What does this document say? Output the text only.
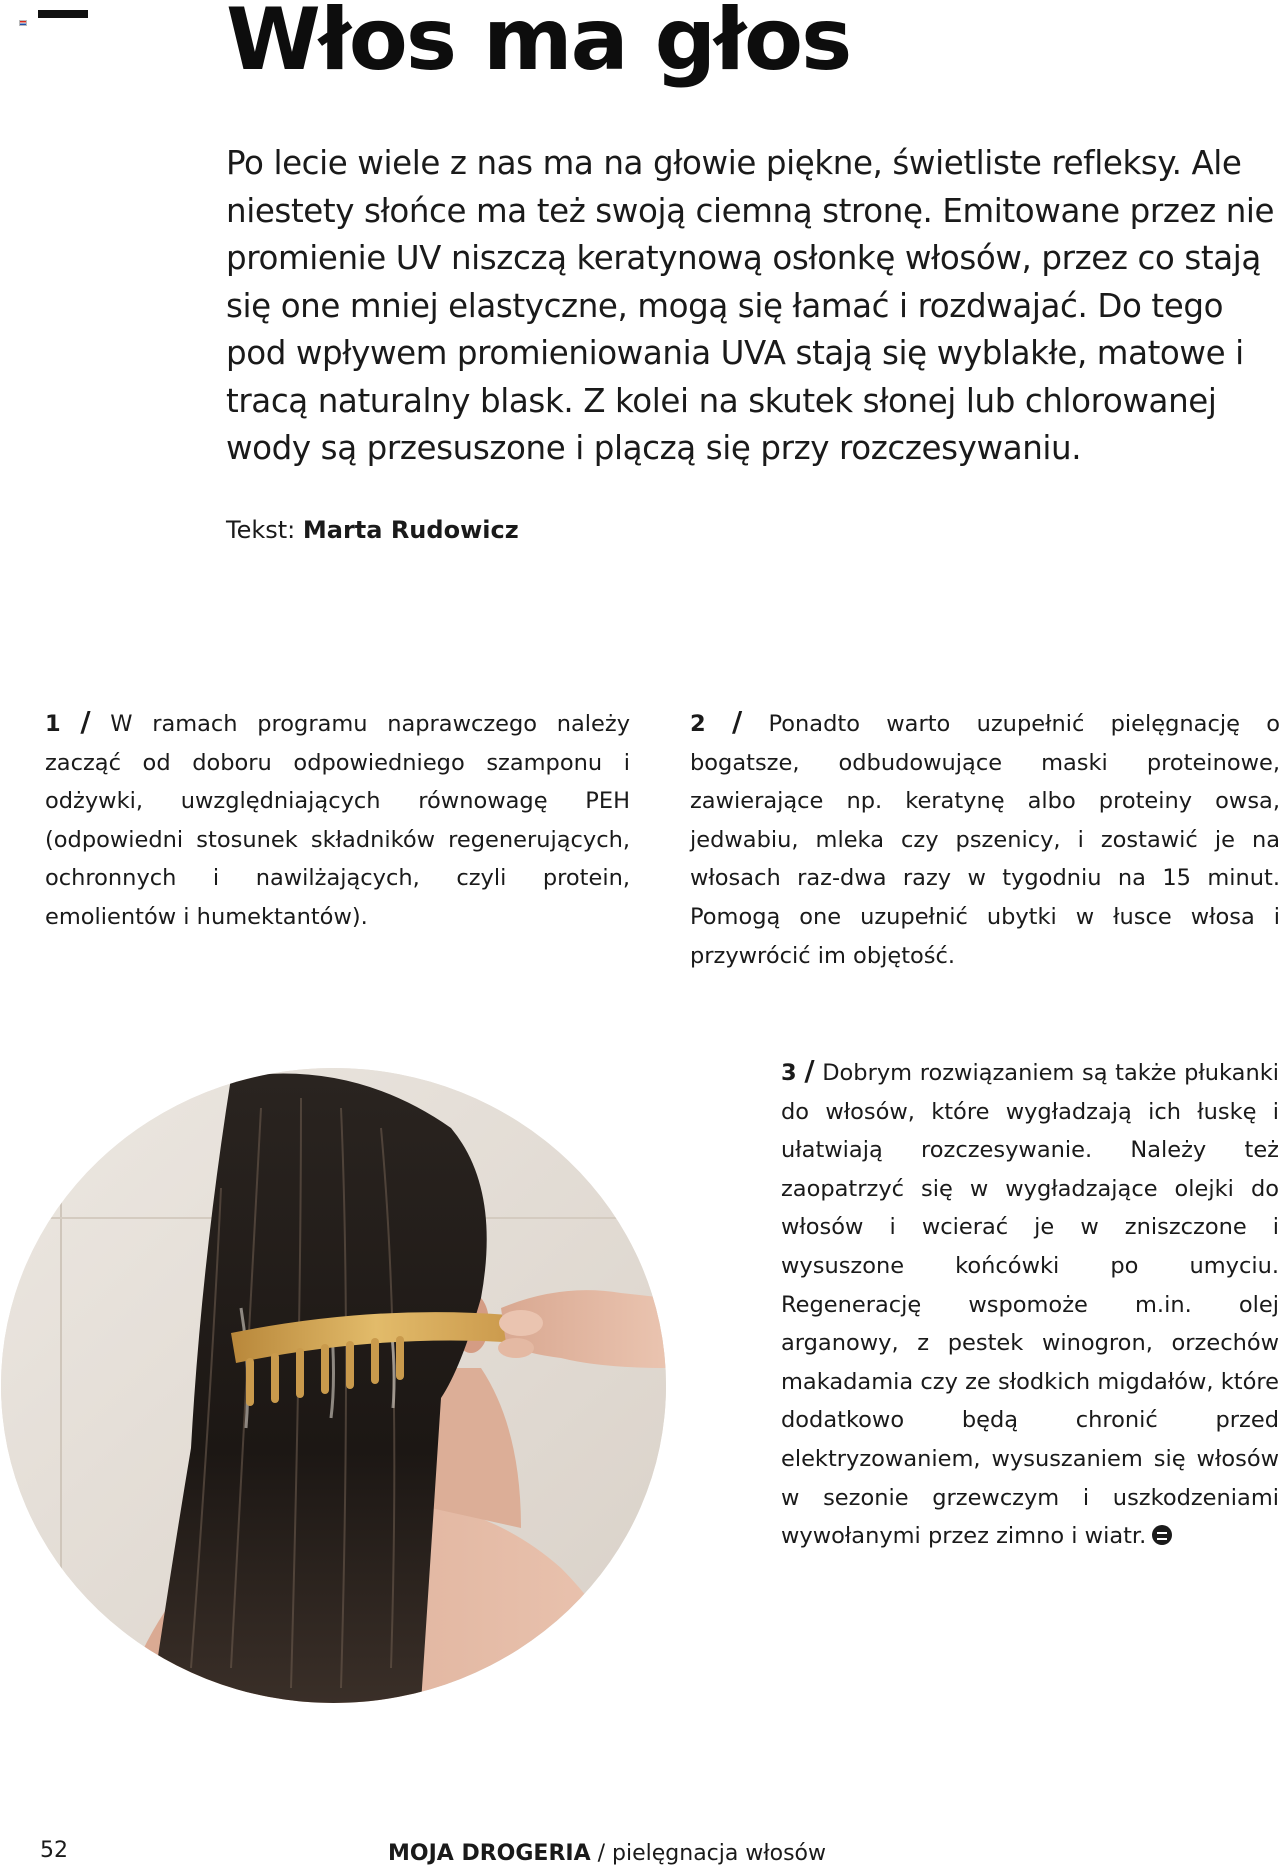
Włos ma głos

Po lecie wiele z nas ma na głowie piękne, świetliste refleksy. Ale niestety słońce ma też swoją ciemną stronę. Emitowane przez nie promienie UV niszczą keratynową osłonkę włosów, przez co stają się one mniej elastyczne, mogą się łamać i rozdwajać. Do tego pod wpływem promieniowania UVA stają się wyblakłe, matowe i tracą naturalny blask. Z kolei na skutek słonej lub chlorowanej wody są przesuszone i plączą się przy rozczesywaniu.

Tekst: Marta Rudowicz
1 / W ramach programu naprawczego należy zacząć od doboru odpowiedniego szamponu i odżywki, uwzględniających równowagę PEH (odpowiedni stosunek składników regenerujących, ochronnych i nawilżających, czyli protein, emolientów i humektantów).
2 / Ponadto warto uzupełnić pielęgnację o bogatsze, odbudowujące maski proteinowe, zawierające np. keratynę albo proteiny owsa, jedwabiu, mleka czy pszenicy, i zostawić je na włosach raz-dwa razy w tygodniu na 15 minut. Pomogą one uzupełnić ubytki w łusce włosa i przywrócić im objętość.
3 / Dobrym rozwiązaniem są także płukanki do włosów, które wygładzają ich łuskę i ułatwiają rozczesywanie. Należy też zaopatrzyć się w wygładzające olejki do włosów i wcierać je w zniszczone i wysuszone końcówki po umyciu. Regenerację wspomoże m.in. olej arganowy, z pestek winogron, orzechów makadamia czy ze słodkich migdałów, które dodatkowo będą chronić przed elektryzowaniem, wysuszaniem się włosów w sezonie grzewczym i uszkodzeniami wywołanymi przez zimno i wiatr.
52	MOJA DROGERIA / pielęgnacja włosów
